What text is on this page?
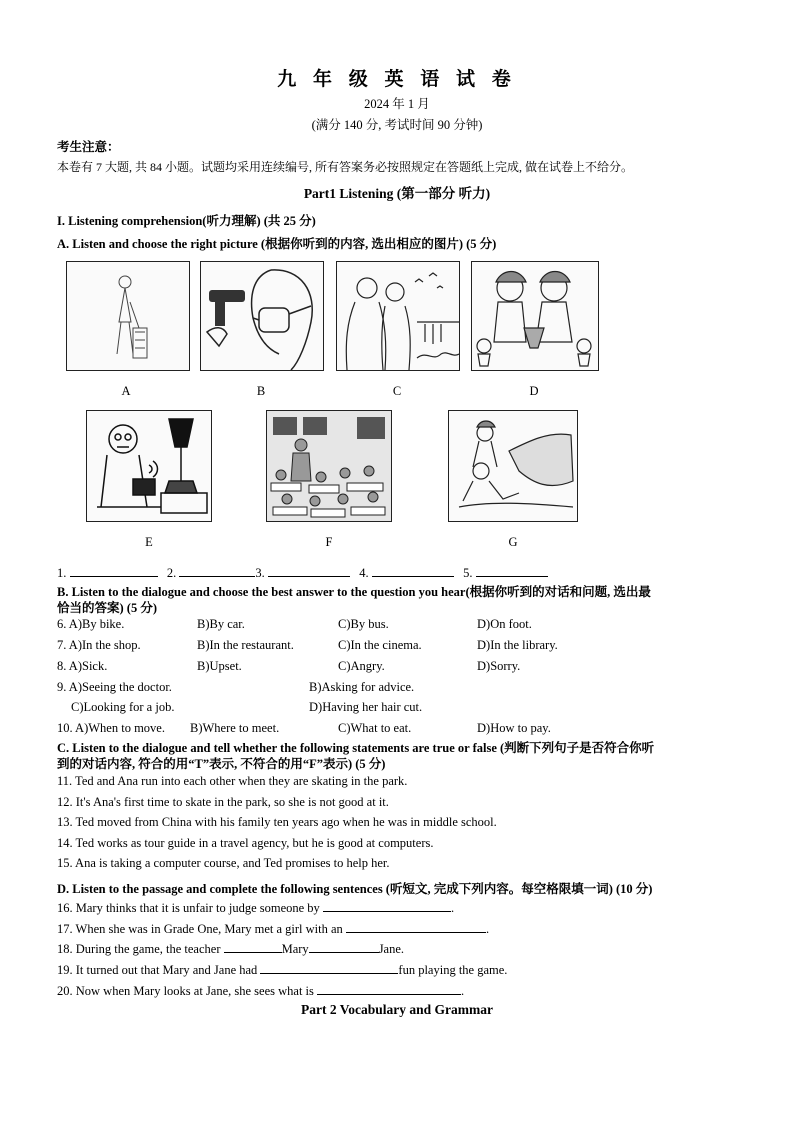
九 年 级 英 语 试 卷
2024 年 1 月
(满分 140 分, 考试时间 90 分钟)
考生注意：
本卷有 7 大题, 共 84 小题。试题均采用连续编号, 所有答案务必按照规定在答题纸上完成, 做在试卷上不给分。
Part1 Listening (第一部分 听力)
I. Listening comprehension(听力理解) (共 25 分)
A. Listen and choose the right picture (根据你听到的内容, 选出相应的图片) (5 分)
A	B	C	D
E	F	G
1.	2.	3.	4.	5.
B. Listen to the dialogue and choose the best answer to the question you hear(根据你听到的对话和问题, 选出最
恰当的答案) (5 分)
6. A)By bike.	B)By car.	C)By bus.	D)On foot.
7. A)In the shop.	B)In the restaurant.	C)In the cinema.	D)In the library.
8. A)Sick.	B)Upset.	C)Angry.	D)Sorry.
9. A)Seeing the doctor.	B)Asking for advice.
C)Looking for a job.	D)Having her hair cut.
10. A)When to move. B)Where to meet.	C)What to eat.	D)How to pay.
C. Listen to the dialogue and tell whether the following statements are true or false (判断下列句子是否符合你听
到的对话内容, 符合的用“T”表示, 不符合的用“F”表示) (5 分)
11. Ted and Ana run into each other when they are skating in the park.
12. It's Ana's first time to skate in the park, so she is not good at it.
13. Ted moved from China with his family ten years ago when he was in middle school.
14. Ted works as tour guide in a travel agency, but he is good at computers.
15. Ana is taking a computer course, and Ted promises to help her.
D. Listen to the passage and complete the following sentences (听短文, 完成下列内容。每空格限填一词) (10 分)
16. Mary thinks that it is unfair to judge someone by	.
17. When she was in Grade One, Mary met a girl with an	.
18. During the game, the teacher	Mary	Jane.
19. It turned out that Mary and Jane had	fun playing the game.
20. Now when Mary looks at Jane, she sees what is	.
Part 2 Vocabulary and Grammar
